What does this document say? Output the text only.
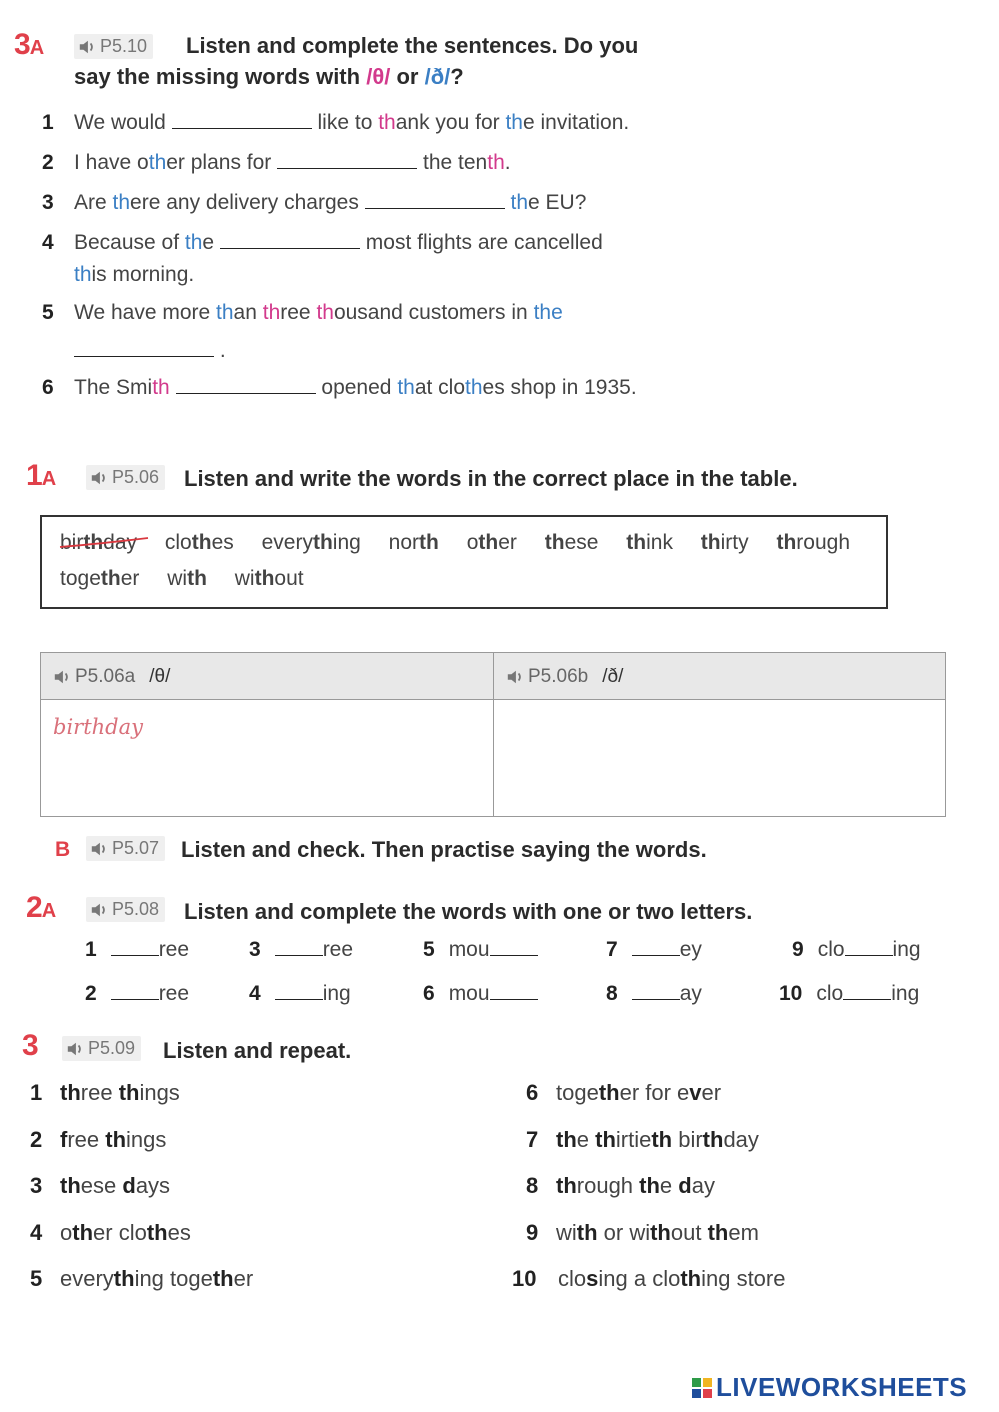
3A	P5.10 Listen and complete the sentences. Do you
say the missing words with /θ/ or /ð/?
1 We would	like to thank you for the invitation.
2 I have other plans for	the tenth.
3 Are there any delivery charges	the EU?
4 Because of the	most flights are cancelled
this morning.
5 We have more than three thousand customers in the
.
6 The Smith	opened that clothes shop in 1935.
1A	P5.06 Listen and write the words in the correct place in the table.
birthday clothes everything north other these think thirty through
together with without
P5.06a /θ/	P5.06b /ð/
birthday
B P5.07 Listen and check. Then practise saying the words.
2A	P5.08 Listen and complete the words with one or two letters.
1	ree	3	ree	5 mou	7	ey	9 clo ing
2	ree	4	ing	6 mou	8	ay	10 clo ing
3	P5.09 Listen and repeat.
1 three things
2 free things
3 these days
4 other clothes
5 everything together
6 together for ever
7 the thirtieth birthday
8 through the day
9 with or without them
10 closing a clothing store
LIVEWORKSHEETS
